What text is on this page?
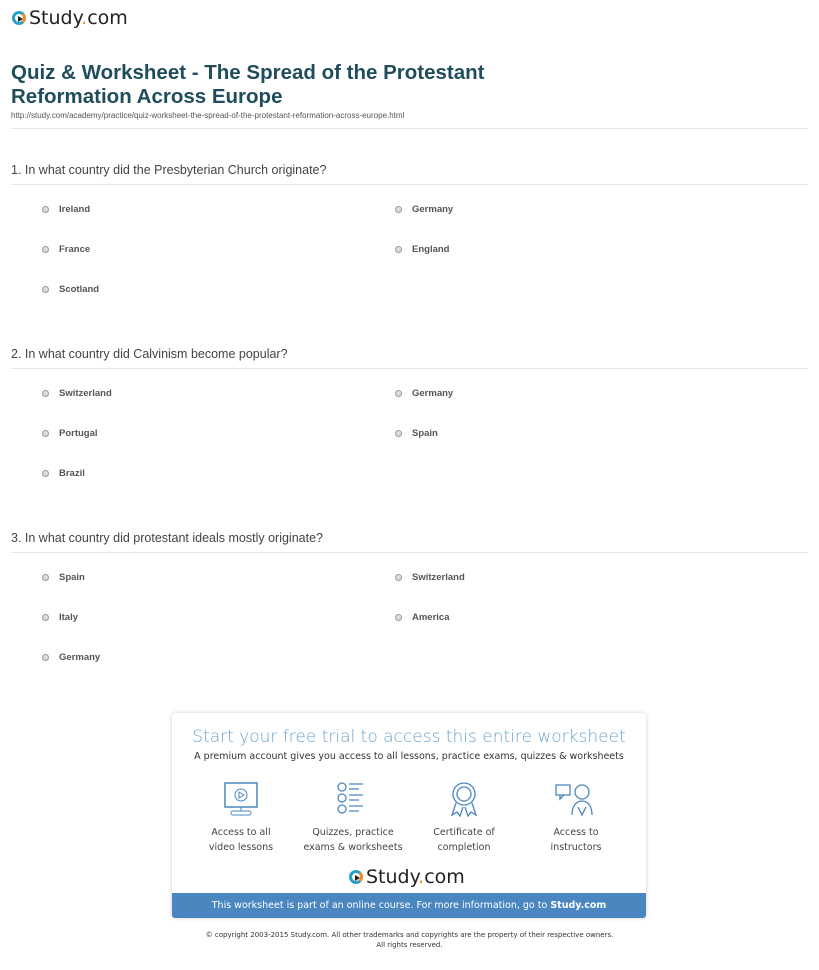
Study.com
Quiz & Worksheet - The Spread of the Protestant Reformation Across Europe
http://study.com/academy/practice/quiz-worksheet-the-spread-of-the-protestant-reformation-across-europe.html
1. In what country did the Presbyterian Church originate?
Ireland	Germany
France	England
Scotland
2. In what country did Calvinism become popular?
Switzerland	Germany
Portugal	Spain
Brazil
3. In what country did protestant ideals mostly originate?
Spain	Switzerland
Italy	America
Germany
Start your free trial to access this entire worksheet
A premium account gives you access to all lessons, practice exams, quizzes & worksheets
Access to all
video lessons
Quizzes, practice
exams & worksheets
Certificate of
completion
Access to
instructors
Study.com
This worksheet is part of an online course. For more information, go to Study.com
© copyright 2003-2015 Study.com. All other trademarks and copyrights are the property of their respective owners.
All rights reserved.
